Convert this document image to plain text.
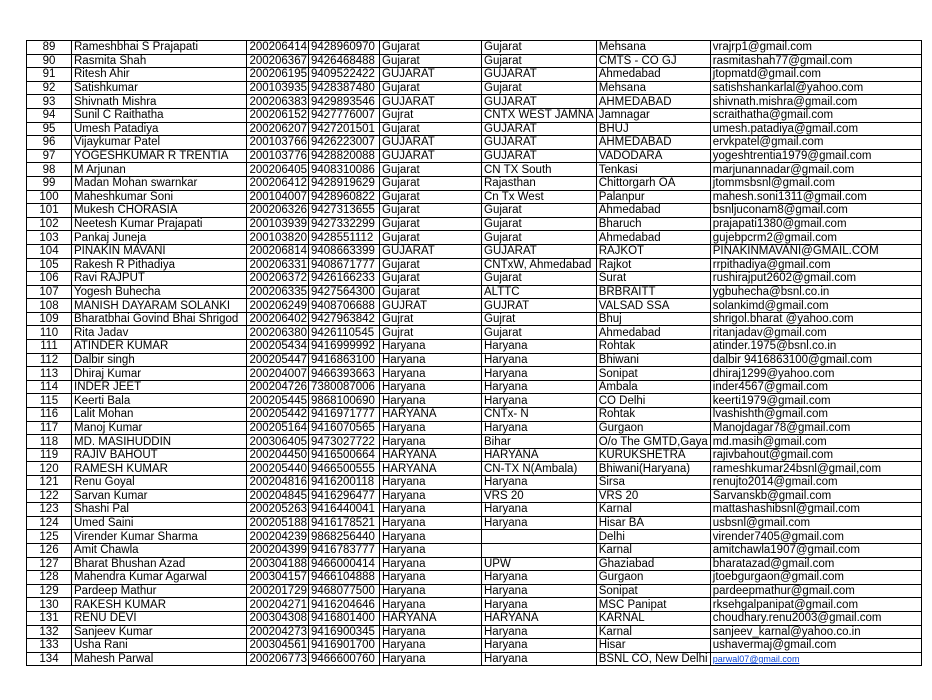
89	Rameshbhai S Prajapati	200206414	9428960970	Gujarat	Gujarat	Mehsana	vrajrp1@gmail.com
90	Rasmita Shah	200206367	9426468488	Gujarat	Gujarat	CMTS - CO GJ	rasmitashah77@gmail.com
91	Ritesh Ahir	200206195	9409522422	GUJARAT	GUJARAT	Ahmedabad	jtopmatd@gmail.com
92	Satishkumar	200103935	9428387480	Gujarat	Gujarat	Mehsana	satishshankarlal@yahoo.com
93	Shivnath Mishra	200206383	9429893546	GUJARAT	GUJARAT	AHMEDABAD	shivnath.mishra@gmail.com
94	Sunil C Raithatha	200206152	9427776007	Gujrat	CNTX WEST JAMNA	Jamnagar	scraithatha@gmail.com
95	Umesh Patadiya	200206207	9427201501	Gujarat	GUJARAT	BHUJ	umesh.patadiya@gmail.com
96	Vijaykumar Patel	200103766	9426223007	GUJARAT	GUJARAT	AHMEDABAD	ervkpatel@gmail.com
97	YOGESHKUMAR R TRENTIA	200103776	9428820088	GUJARAT	GUJARAT	VADODARA	yogeshtrentia1979@gmail.com
98	M Arjunan	200206405	9408310086	Gujarat	CN TX South	Tenkasi	marjunannadar@gmail.com
99	Madan Mohan swarnkar	200206412	9428919629	Gujarat	Rajasthan	Chittorgarh OA	jtommsbsnl@gmail.com
100	Maheshkumar Soni	200104007	9428960822	Gujarat	Cn Tx West	Palanpur	mahesh.soni1311@gmail.com
101	Mukesh CHORASIA	200206326	9427313655	Gujarat	Gujarat	Ahmedabad	bsnljuconam8@gmail.com
102	Neetesh Kumar Prajapati	200103939	9427332299	Gujarat	Gujarat	Bharuch	prajapati1380@gmail.com
103	Pankaj Juneja	200103820	9428551112	Gujarat	Gujarat	Ahmedabad	gujebpcrm2@gmail.com
104	PINAKIN MAVANI	200206814	9408663399	GUJARAT	GUJARAT	RAJKOT	PINAKINMAVANI@GMAIL.COM
105	Rakesh R Pithadiya	200206331	9408671777	Gujarat	CNTxW, Ahmedabad	Rajkot	rrpithadiya@gmail.com
106	Ravi RAJPUT	200206372	9426166233	Gujarat	Gujarat	Surat	rushirajput2602@gmail.com
107	Yogesh Buhecha	200206335	9427564300	Gujarat	ALTTC	BRBRAITT	ygbuhecha@bsnl.co.in
108	MANISH DAYARAM SOLANKI	200206249	9408706688	GUJRAT	GUJRAT	VALSAD SSA	solankimd@gmail.com
109	Bharatbhai Govind Bhai Shrigod	200206402	9427963842	Gujrat	Gujrat	Bhuj	shrigol.bharat @yahoo.com
110	Rita Jadav	200206380	9426110545	Gujrat	Gujarat	Ahmedabad	ritanjadav@gmail.com
111	ATINDER KUMAR	200205434	9416999992	Haryana	Haryana	Rohtak	atinder.1975@bsnl.co.in
112	Dalbir singh	200205447	9416863100	Haryana	Haryana	Bhiwani	dalbir 9416863100@gmail.com
113	Dhiraj Kumar	200204007	9466393663	Haryana	Haryana	Sonipat	dhiraj1299@yahoo.com
114	INDER JEET	200204726	7380087006	Haryana	Haryana	Ambala	inder4567@gmail.com
115	Keerti Bala	200205445	9868100690	Haryana	Haryana	CO Delhi	keerti1979@gmail.com
116	Lalit Mohan	200205442	9416971777	HARYANA	CNTx- N	Rohtak	lvashishth@gmail.com
117	Manoj Kumar	200205164	9416070565	Haryana	Haryana	Gurgaon	Manojdagar78@gmail.com
118	MD. MASIHUDDIN	200306405	9473027722	Haryana	Bihar	O/o The GMTD,Gaya	md.masih@gmail.com
119	RAJIV BAHOUT	200204450	9416500664	HARYANA	HARYANA	KURUKSHETRA	rajivbahout@gmail.com
120	RAMESH KUMAR	200205440	9466500555	HARYANA	CN-TX N(Ambala)	Bhiwani(Haryana)	rameshkumar24bsnl@gmail,com
121	Renu Goyal	200204816	9416200118	Haryana	Haryana	Sirsa	renujto2014@gmail.com
122	Sarvan Kumar	200204845	9416296477	Haryana	VRS 20	VRS 20	Sarvanskb@gmail.com
123	Shashi Pal	200205263	9416440041	Haryana	Haryana	Karnal	mattashashibsnl@gmail.com
124	Umed Saini	200205188	9416178521	Haryana	Haryana	Hisar BA	usbsnl@gmail.com
125	Virender Kumar Sharma	200204239	9868256440	Haryana		Delhi	virender7405@gmail.com
126	Amit Chawla	200204399	9416783777	Haryana		Karnal	amitchawla1907@gmail.com
127	Bharat Bhushan Azad	200304188	9466000414	Haryana	UPW	Ghaziabad	bharatazad@gmail.com
128	Mahendra Kumar Agarwal	200304157	9466104888	Haryana	Haryana	Gurgaon	jtoebgurgaon@gmail.com
129	Pardeep Mathur	200201729	9468077500	Haryana	Haryana	Sonipat	pardeepmathur@gmail.com
130	RAKESH KUMAR	200204271	9416204646	Haryana	Haryana	MSC Panipat	rksehgalpanipat@gmail.com
131	RENU DEVI	200304308	9416801400	HARYANA	HARYANA	KARNAL	choudhary.renu2003@gmail.com
132	Sanjeev Kumar	200204273	9416900345	Haryana	Haryana	Karnal	sanjeev_karnal@yahoo.co.in
133	Usha Rani	200304561	9416901700	Haryana	Haryana	Hisar	ushavermaj@gmail.com
134	Mahesh Parwal	200206773	9466600760	Haryana	Haryana	BSNL CO, New Delhi	parwal07@gmail.com
